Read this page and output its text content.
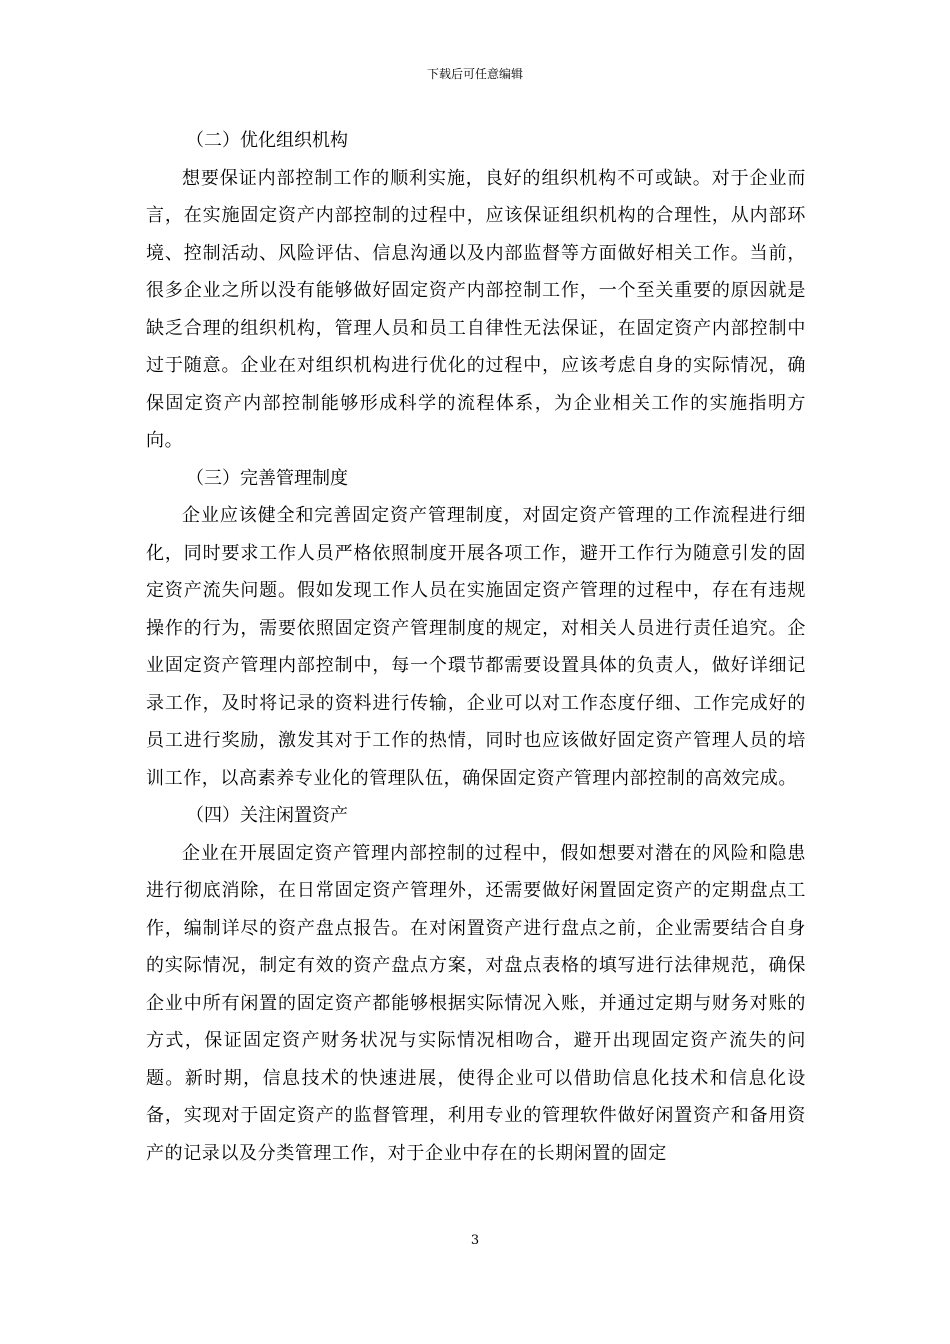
下载后可任意编辑

（二）优化组织机构

想要保证内部控制工作的顺利实施，良好的组织机构不可或缺。对于企业而言，在实施固定资产内部控制的过程中，应该保证组织机构的合理性，从内部环境、控制活动、风险评估、信息沟通以及内部监督等方面做好相关工作。当前，很多企业之所以没有能够做好固定资产内部控制工作，一个至关重要的原因就是缺乏合理的组织机构，管理人员和员工自律性无法保证，在固定资产内部控制中过于随意。企业在对组织机构进行优化的过程中，应该考虑自身的实际情况，确保固定资产内部控制能够形成科学的流程体系，为企业相关工作的实施指明方向。

（三）完善管理制度

企业应该健全和完善固定资产管理制度，对固定资产管理的工作流程进行细化，同时要求工作人员严格依照制度开展各项工作，避开工作行为随意引发的固定资产流失问题。假如发现工作人员在实施固定资产管理的过程中，存在有违规操作的行为，需要依照固定资产管理制度的规定，对相关人员进行责任追究。企业固定资产管理内部控制中，每一个環节都需要设置具体的负责人，做好详细记录工作，及时将记录的资料进行传输，企业可以对工作态度仔细、工作完成好的员工进行奖励，激发其对于工作的热情，同时也应该做好固定资产管理人员的培训工作，以高素养专业化的管理队伍，确保固定资产管理内部控制的高效完成。

（四）关注闲置资产

企业在开展固定资产管理内部控制的过程中，假如想要对潜在的风险和隐患进行彻底消除，在日常固定资产管理外，还需要做好闲置固定资产的定期盘点工作，编制详尽的资产盘点报告。在对闲置资产进行盘点之前，企业需要结合自身的实际情况，制定有效的资产盘点方案，对盘点表格的填写进行法律规范，确保企业中所有闲置的固定资产都能够根据实际情况入账，并通过定期与财务对账的方式，保证固定资产财务状况与实际情况相吻合，避开出现固定资产流失的问题。新时期，信息技术的快速进展，使得企业可以借助信息化技术和信息化设备，实现对于固定资产的监督管理，利用专业的管理软件做好闲置资产和备用资产的记录以及分类管理工作，对于企业中存在的长期闲置的固定

3
